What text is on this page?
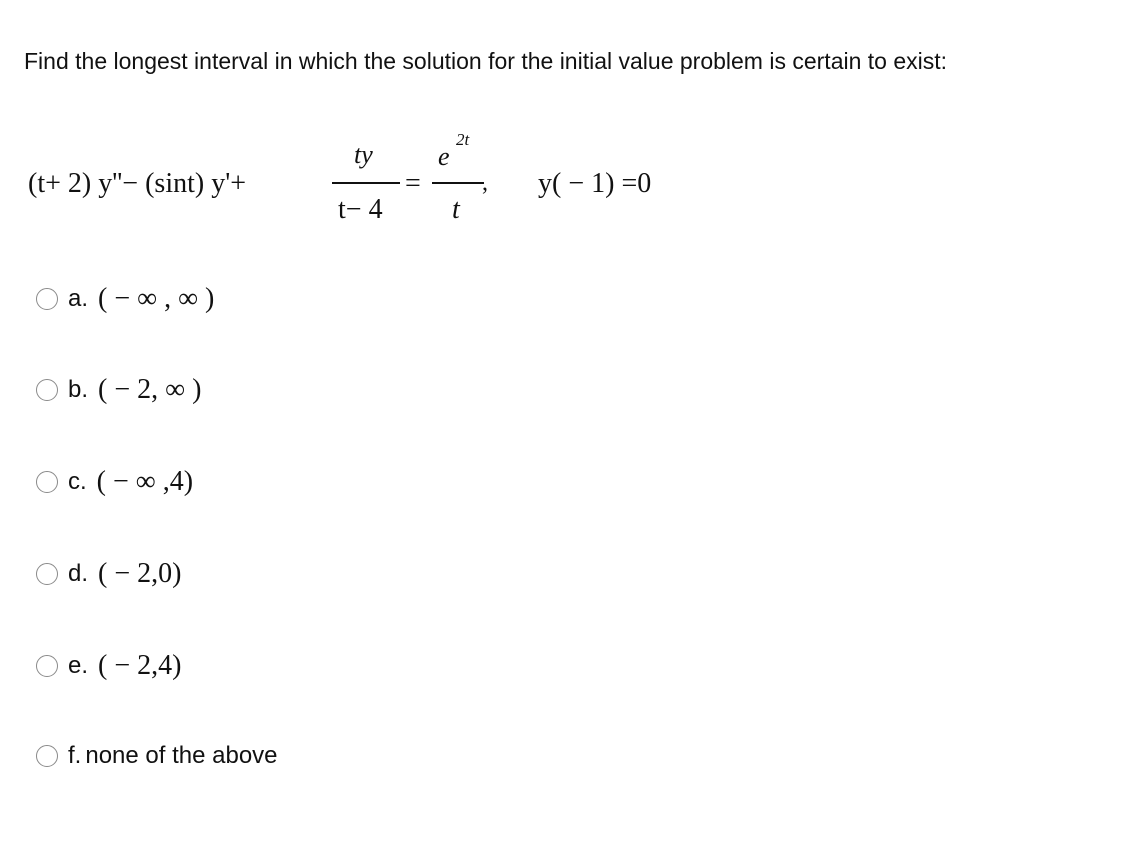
Find the longest interval in which the solution for the initial value problem is certain to exist:
(t+ 2) y''− (sint) y'+
ty
t− 4
=
e
2t
t
, y( − 1) =0
a. ( − ∞ , ∞ )
b. ( − 2, ∞ )
c. ( − ∞ ,4)
d. ( − 2,0)
e. ( − 2,4)
f. none of the above
